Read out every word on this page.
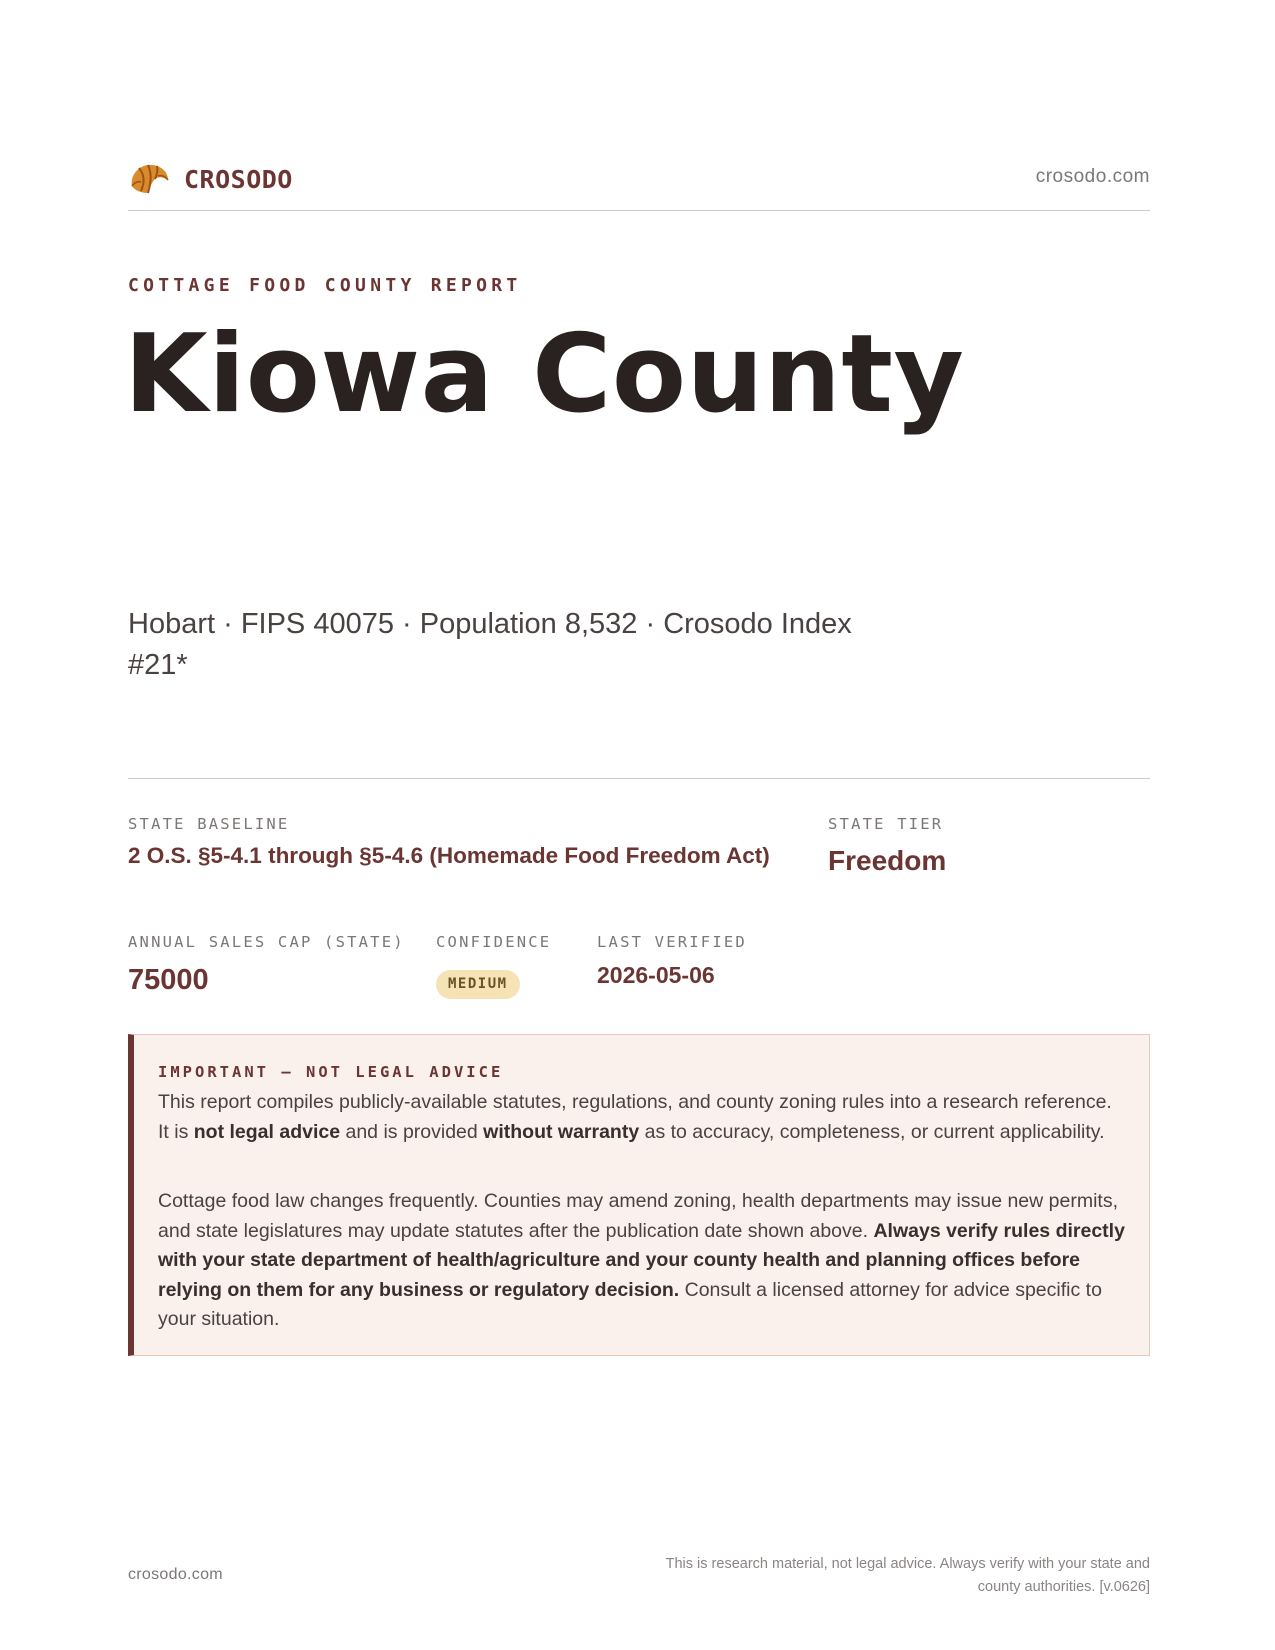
CROSODO	crosodo.com
COTTAGE FOOD COUNTY REPORT
Kiowa County
Hobart · FIPS 40075 · Population 8,532 · Crosodo Index #21*
STATE BASELINE
2 O.S. §5-4.1 through §5-4.6 (Homemade Food Freedom Act)
STATE TIER
Freedom
ANNUAL SALES CAP (STATE)
75000
CONFIDENCE
MEDIUM
LAST VERIFIED
2026-05-06
IMPORTANT — NOT LEGAL ADVICE

This report compiles publicly-available statutes, regulations, and county zoning rules into a research reference. It is not legal advice and is provided without warranty as to accuracy, completeness, or current applicability.

Cottage food law changes frequently. Counties may amend zoning, health departments may issue new permits, and state legislatures may update statutes after the publication date shown above. Always verify rules directly with your state department of health/agriculture and your county health and planning offices before relying on them for any business or regulatory decision. Consult a licensed attorney for advice specific to your situation.

crosodo.com
This is research material, not legal advice. Always verify with your state and county authorities. [v.0626]
